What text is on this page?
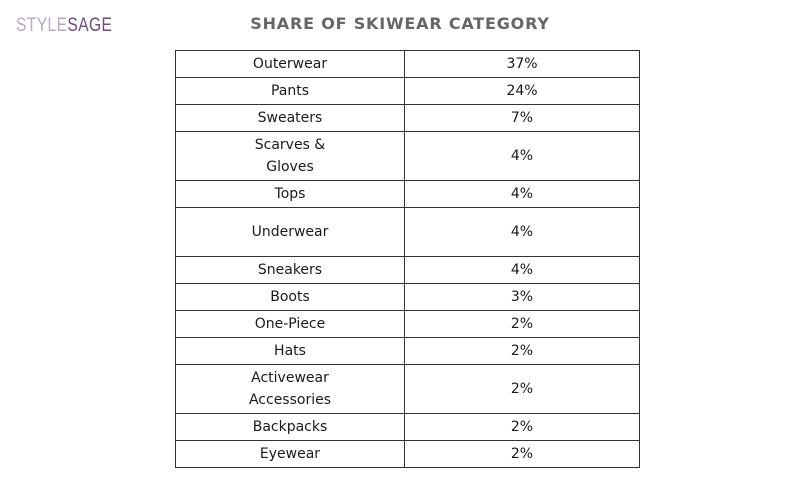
STYLESAGE	SHARE OF SKIWEAR CATEGORY
Outerwear	37%
Pants	24%
Sweaters	7%
Scarves &
Gloves	4%
Tops	4%
Underwear	4%
Sneakers	4%
Boots	3%
One-Piece	2%
Hats	2%
Activewear
Accessories	2%
Backpacks	2%
Eyewear	2%
